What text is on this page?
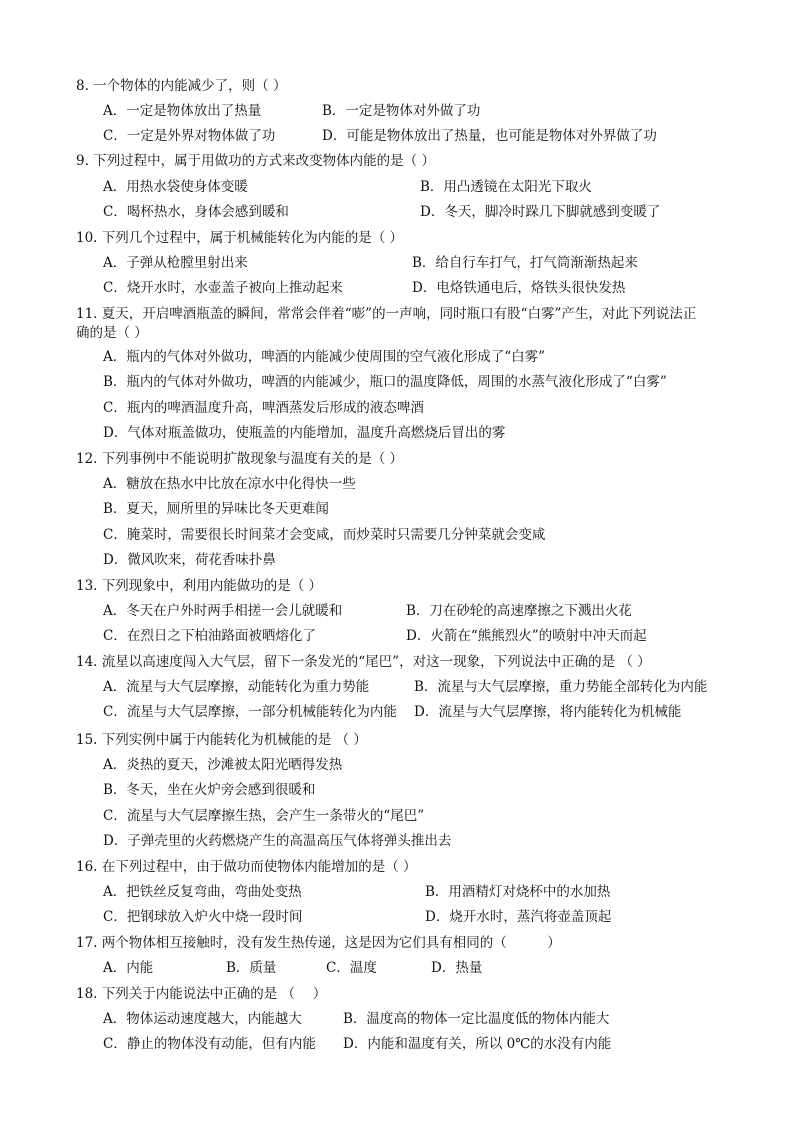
8. 一个物体的内能减少了，则（ ）
A．一定是物体放出了热量	B．一定是物体对外做了功
C．一定是外界对物体做了功	D．可能是物体放出了热量，也可能是物体对外界做了功
9. 下列过程中，属于用做功的方式来改变物体内能的是（ ）
A．用热水袋使身体变暖	B．用凸透镜在太阳光下取火
C．喝杯热水，身体会感到暖和	D．冬天，脚冷时跺几下脚就感到变暖了
10. 下列几个过程中，属于机械能转化为内能的是（ ）
A．子弹从枪膛里射出来	B．给自行车打气，打气筒渐渐热起来
C．烧开水时，水壶盖子被向上推动起来	D．电烙铁通电后，烙铁头很快发热
11. 夏天，开启啤酒瓶盖的瞬间，常常会伴着“嘭”的一声响，同时瓶口有股“白雾”产生，对此下列说法正
确的是（ ）
A．瓶内的气体对外做功，啤酒的内能减少使周围的空气液化形成了“白雾”
B．瓶内的气体对外做功，啤酒的内能减少，瓶口的温度降低，周围的水蒸气液化形成了“白雾”
C．瓶内的啤酒温度升高，啤酒蒸发后形成的液态啤酒
D．气体对瓶盖做功，使瓶盖的内能增加，温度升高燃烧后冒出的雾
12. 下列事例中不能说明扩散现象与温度有关的是（ ）
A．糖放在热水中比放在凉水中化得快一些
B．夏天，厕所里的异味比冬天更难闻
C．腌菜时，需要很长时间菜才会变咸，而炒菜时只需要几分钟菜就会变咸
D．微风吹来，荷花香味扑鼻
13. 下列现象中，利用内能做功的是（ ）
A．冬天在户外时两手相搓一会儿就暖和	B．刀在砂轮的高速摩擦之下溅出火花
C．在烈日之下柏油路面被晒熔化了	D．火箭在“熊熊烈火”的喷射中冲天而起
14. 流星以高速度闯入大气层，留下一条发光的“尾巴”，对这一现象，下列说法中正确的是 （ ）
A．流星与大气层摩擦，动能转化为重力势能	B．流星与大气层摩擦，重力势能全部转化为内能
C．流星与大气层摩擦，一部分机械能转化为内能 D．流星与大气层摩擦，将内能转化为机械能
15. 下列实例中属于内能转化为机械能的是 （ ）
A．炎热的夏天，沙滩被太阳光晒得发热
B．冬天，坐在火炉旁会感到很暖和
C．流星与大气层摩擦生热，会产生一条带火的“尾巴”
D．子弹壳里的火药燃烧产生的高温高压气体将弹头推出去
16. 在下列过程中，由于做功而使物体内能增加的是（ ）
A．把铁丝反复弯曲，弯曲处变热	B．用酒精灯对烧杯中的水加热
C．把钢球放入炉火中烧一段时间	D．烧开水时，蒸汽将壶盖顶起
17. 两个物体相互接触时，没有发生热传递，这是因为它们具有相同的（　　　）
A．内能	B．质量	C．温度	D．热量
18. 下列关于内能说法中正确的是 （　 ）
A．物体运动速度越大，内能越大	B．温度高的物体一定比温度低的物体内能大
C．静止的物体没有动能，但有内能 D．内能和温度有关，所以 0℃的水没有内能
